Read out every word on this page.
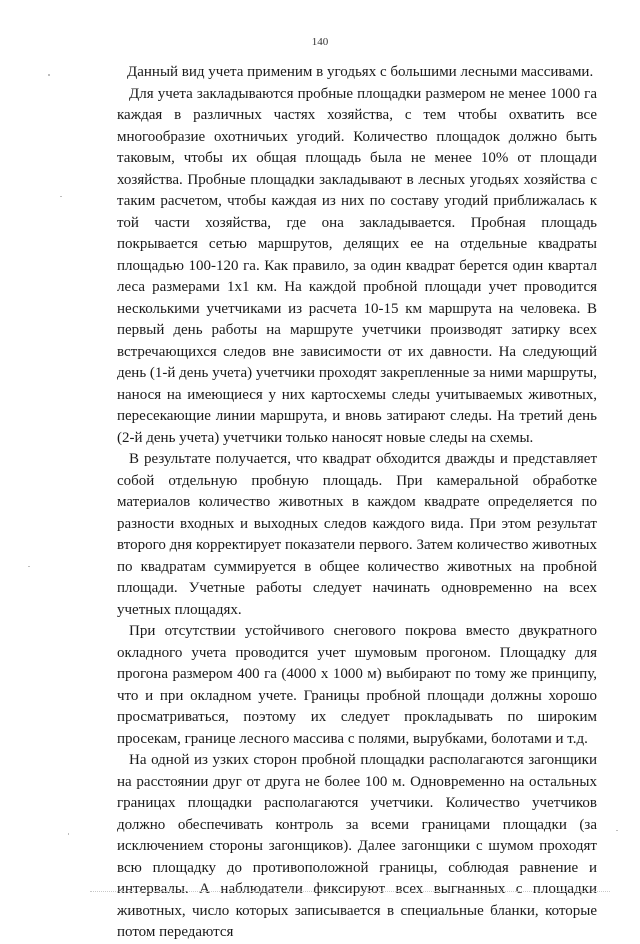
140

Данный вид учета применим в угодьях с большими лесными массивами.

Для учета закладываются пробные площадки размером не менее 1000 га каждая в различных частях хозяйства, с тем чтобы охватить все многообразие охотничьих угодий. Количество площадок должно быть таковым, чтобы их общая площадь была не менее 10% от площади хозяйства. Пробные площадки закладывают в лесных угодьях хозяйства с таким расчетом, чтобы каждая из них по составу угодий приближалась к той части хозяйства, где она закладывается. Пробная площадь покрывается сетью маршрутов, делящих ее на отдельные квадраты площадью 100-120 га. Как правило, за один квадрат берется один квартал леса размерами 1x1 км. На каждой пробной площади учет проводится несколькими учетчиками из расчета 10-15 км маршрута на человека. В первый день работы на маршруте учетчики производят затирку всех встречающихся следов вне зависимости от их давности. На следующий день (1-й день учета) учетчики проходят закрепленные за ними маршруты, нанося на имеющиеся у них картосхемы следы учитываемых животных, пересекающие линии маршрута, и вновь затирают следы. На третий день (2-й день учета) учетчики только наносят новые следы на схемы.

В результате получается, что квадрат обходится дважды и представляет собой отдельную пробную площадь. При камеральной обработке материалов количество животных в каждом квадрате определяется по разности входных и выходных следов каждого вида. При этом результат второго дня корректирует показатели первого. Затем количество животных по квадратам суммируется в общее количество животных на пробной площади. Учетные работы следует начинать одновременно на всех учетных площадях.

При отсутствии устойчивого снегового покрова вместо двукратного окладного учета проводится учет шумовым прогоном. Площадку для прогона размером 400 га (4000 х 1000 м) выбирают по тому же принципу, что и при окладном учете. Границы пробной площади должны хорошо просматриваться, поэтому их следует прокладывать по широким просекам, границе лесного массива с полями, вырубками, болотами и т.д.

На одной из узких сторон пробной площадки располагаются загонщики на расстоянии друг от друга не более 100 м. Одновременно на остальных границах площадки располагаются учетчики. Количество учетчиков должно обеспечивать контроль за всеми границами площадки (за исключением стороны загонщиков). Далее загонщики с шумом проходят всю площадку до противоположной границы, соблюдая равнение и интервалы. А наблюдатели фиксируют всех выгнанных с площадки животных, число которых записывается в специальные бланки, которые потом передаются
